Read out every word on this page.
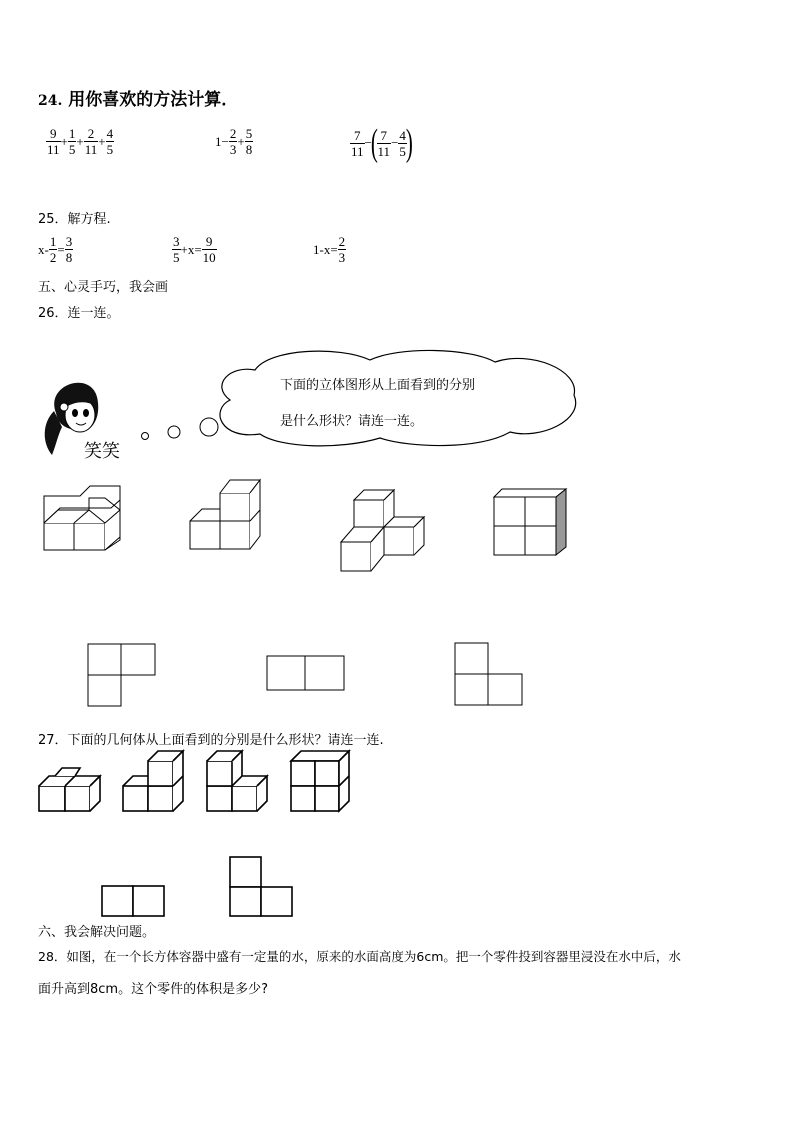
24. 用你喜欢的方法计算．
$\frac{9}{11} + \frac{1}{5} + \frac{2}{11} + \frac{4}{5}$	$1- \frac{2}{3} + \frac{5}{8}$	$\frac{7}{11}$ −(
$\frac{7}{11} - \frac{4}{5}$
)
25．解方程.
$x- \frac{1}{2} = \frac{3}{8}$	$\frac{3}{5} +x= \frac{9}{10}$	$1-x= \frac{2}{3}$
五、心灵手巧，我会画
26．连一连。
笑笑
下面的立体图形从上面看到的分别
是什么形状？请连一连。
27．下面的几何体从上面看到的分别是什么形状？请连一连.
六、我会解决问题。
28．如图，在一个长方体容器中盛有一定量的水，原来的水面高度为6cm。把一个零件投到容器里浸没在水中后，水
面升高到8cm。这个零件的体积是多少?
